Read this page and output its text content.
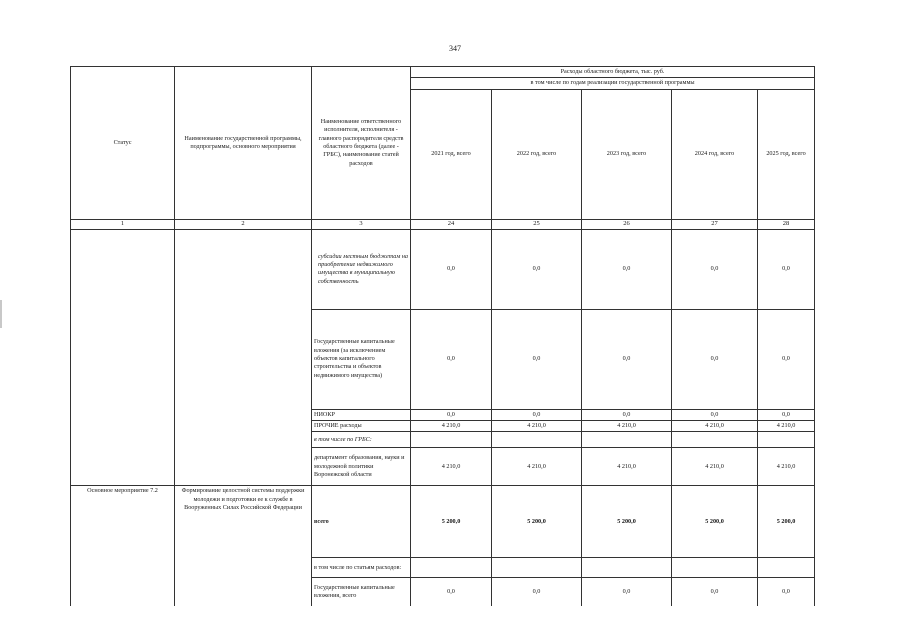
347
Статус	Наименование государственной программы, подпрограммы, основного мероприятия	Наименование ответственного исполнителя, исполнителя - главного распорядителя средств областного бюджета (далее - ГРБС), наименование статей расходов	Расходы областного бюджета, тыс. руб.				
			в том числе по годам реализации государственной программы				
			2021 год, всего	2022 год, всего	2023 год, всего	2024 год, всего	2025 год, всего
1	2	3	24	25	26	27	28
		субсидии местным бюджетам на приобретение недвижимого имущества в муниципальную собственность	0,0	0,0	0,0	0,0	0,0
		Государственные капитальные вложения (за исключением объектов капитального строительства и объектов недвижимого имущества)	0,0	0,0	0,0	0,0	0,0
		НИОКР	0,0	0,0	0,0	0,0	0,0
		ПРОЧИЕ расходы	4 210,0	4 210,0	4 210,0	4 210,0	4 210,0
		в том числе по ГРБС:					
		департамент образования, науки и молодежной политики Воронежской области	4 210,0	4 210,0	4 210,0	4 210,0	4 210,0
Основное мероприятие 7.2	Формирование целостной системы поддержки молодежи и подготовки ее к службе в Вооруженных Силах Российской Федерации	всего	5 200,0	5 200,0	5 200,0	5 200,0	5 200,0
		в том числе по статьям расходов:					
		Государственные капитальные вложения, всего	0,0	0,0	0,0	0,0	0,0
